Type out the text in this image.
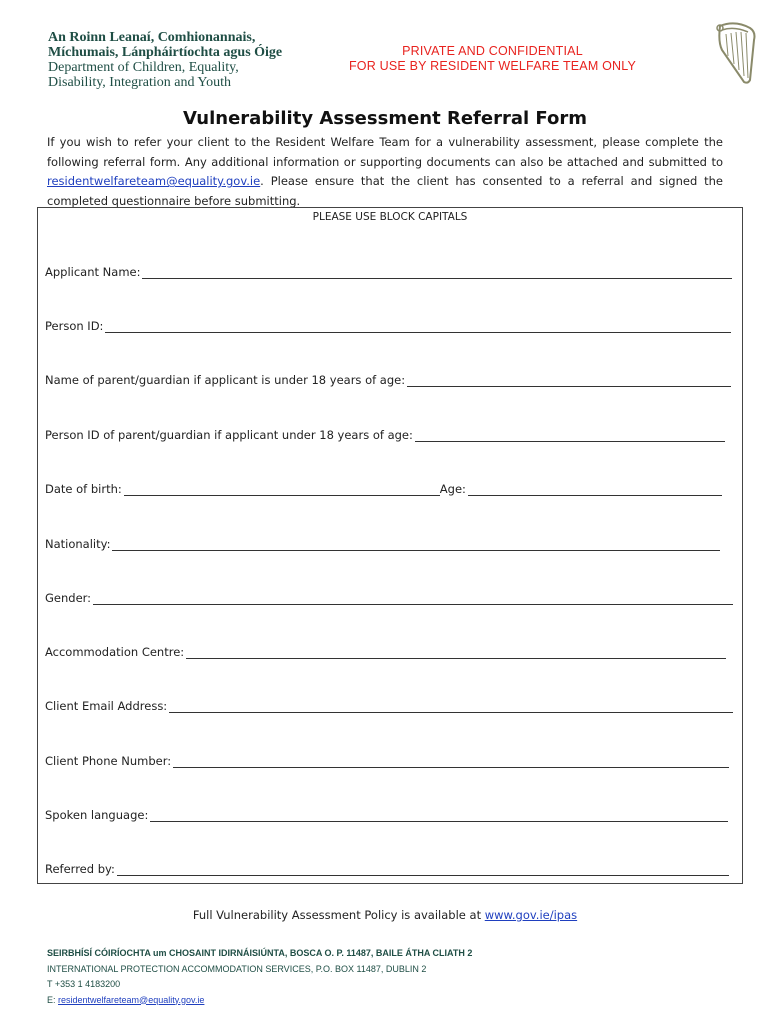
An Roinn Leanaí, Comhionannais,
Míchumais, Lánpháirtíochta agus Óige
Department of Children, Equality,
Disability, Integration and Youth
PRIVATE AND CONFIDENTIAL
FOR USE BY RESIDENT WELFARE TEAM ONLY
Vulnerability Assessment Referral Form
If you wish to refer your client to the Resident Welfare Team for a vulnerability assessment, please complete the following referral form. Any additional information or supporting documents can also be attached and submitted to residentwelfareteam@equality.gov.ie. Please ensure that the client has consented to a referral and signed the completed questionnaire before submitting.
PLEASE USE BLOCK CAPITALS
Applicant Name:
Person ID:
Name of parent/guardian if applicant is under 18 years of age:
Person ID of parent/guardian if applicant under 18 years of age:
Date of birth:	Age:
Nationality:
Gender:
Accommodation Centre:
Client Email Address:
Client Phone Number:
Spoken language:
Referred by:
Full Vulnerability Assessment Policy is available at www.gov.ie/ipas
SEIRBHÍSÍ CÓIRÍOCHTA um CHOSAINT IDIRNÁISIÚNTA, BOSCA O. P. 11487, BAILE ÁTHA CLIATH 2
INTERNATIONAL PROTECTION ACCOMMODATION SERVICES, P.O. BOX 11487, DUBLIN 2
T +353 1 4183200
E: residentwelfareteam@equality.gov.ie
